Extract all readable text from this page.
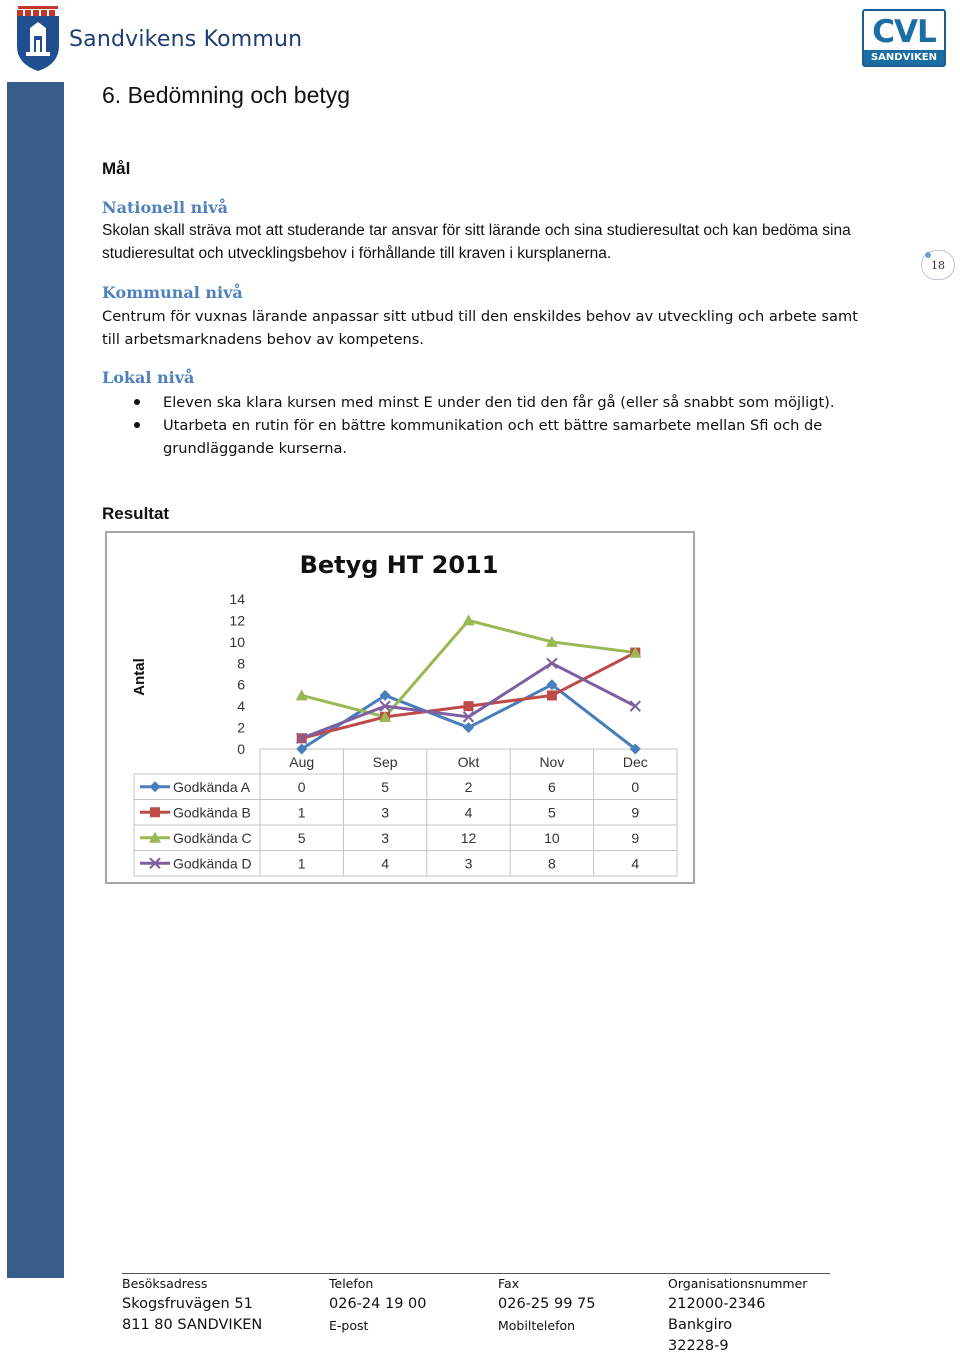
Sandvikens Kommun	CVL
SANDVIKEN
18
6. Bedömning och betyg
Mål
Nationell nivå
Skolan skall sträva mot att studerande tar ansvar för sitt lärande och sina studieresultat och kan bedöma sina studieresultat och utvecklingsbehov i förhållande till kraven i kursplanerna.
Kommunal nivå
Centrum för vuxnas lärande anpassar sitt utbud till den enskildes behov av utveckling och arbete samt till arbetsmarknadens behov av kompetens.
Lokal nivå
Eleven ska klara kursen med minst E under den tid den får gå (eller så snabbt som möjligt).
Utarbeta en rutin för en bättre kommunikation och ett bättre samarbete mellan Sfi och de grundläggande kurserna.
Resultat
Betyg HT 2011
Antal
0
2
4
6
8
10
12
14
Aug	Sep	Okt	Nov	Dec
Godkända A	0	5	2	6	0
Godkända B	1	3	4	5	9
Godkända C	5	3	12	10	9
Godkända D	1	4	3	8	4
Besöksadress
Skogsfruvägen 51
811 80 SANDVIKEN
Telefon
026-24 19 00
E-post
Fax
026-25 99 75
Mobiltelefon
Organisationsnummer
212000-2346
Bankgiro
32228-9
